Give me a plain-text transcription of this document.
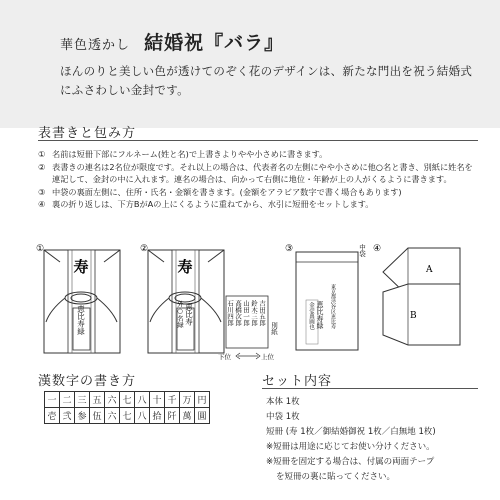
華色透かし 結婚祝『バラ』
ほんのりと美しい色が透けてのぞく花のデザインは、新たな門出を祝う結婚式にふさわしい金封です。
表書きと包み方
① 名前は短冊下部にフルネーム(姓と名)で上書きよりやや小さめに書きます。
② 表書きの連名は2名位が限度です。それ以上の場合は、代表者名の左側にやや小さめに他○名と書き、別紙に姓名を連記して、金封の中に入れます。連名の場合は、向かって右側に地位・年齢が上の人がくるように書きます。
③ 中袋の裏面左側に、住所・氏名・金額を書きます。(金額をアラビア数字で書く場合もあります)
④ 裏の折り返しは、下方BがAの上にくるように重ねてから、水引に短冊をセットします。
①
寿
恵比寿緑
②
寿
恵比寿
外○名緑
別紙
吉田五郎
鈴木三郎
山田一郎
高橋次郎
石川四郎
下位	上位
③	中袋
東京都渋谷区恵比寿
恵比寿緑
金壱萬圓也
④
A
B
漢数字の書き方
一	二	三	五	六	七	八	十	千	万	円
壱	弐	参	伍	六	七	八	拾	阡	萬	圓
セット内容
本体 1枚
中袋 1枚
短冊 (寿 1枚／御結婚御祝 1枚／白無地 1枚)
※短冊は用途に応じてお使い分けください。
※短冊を固定する場合は、付属の両面テープ
を短冊の裏に貼ってください。
